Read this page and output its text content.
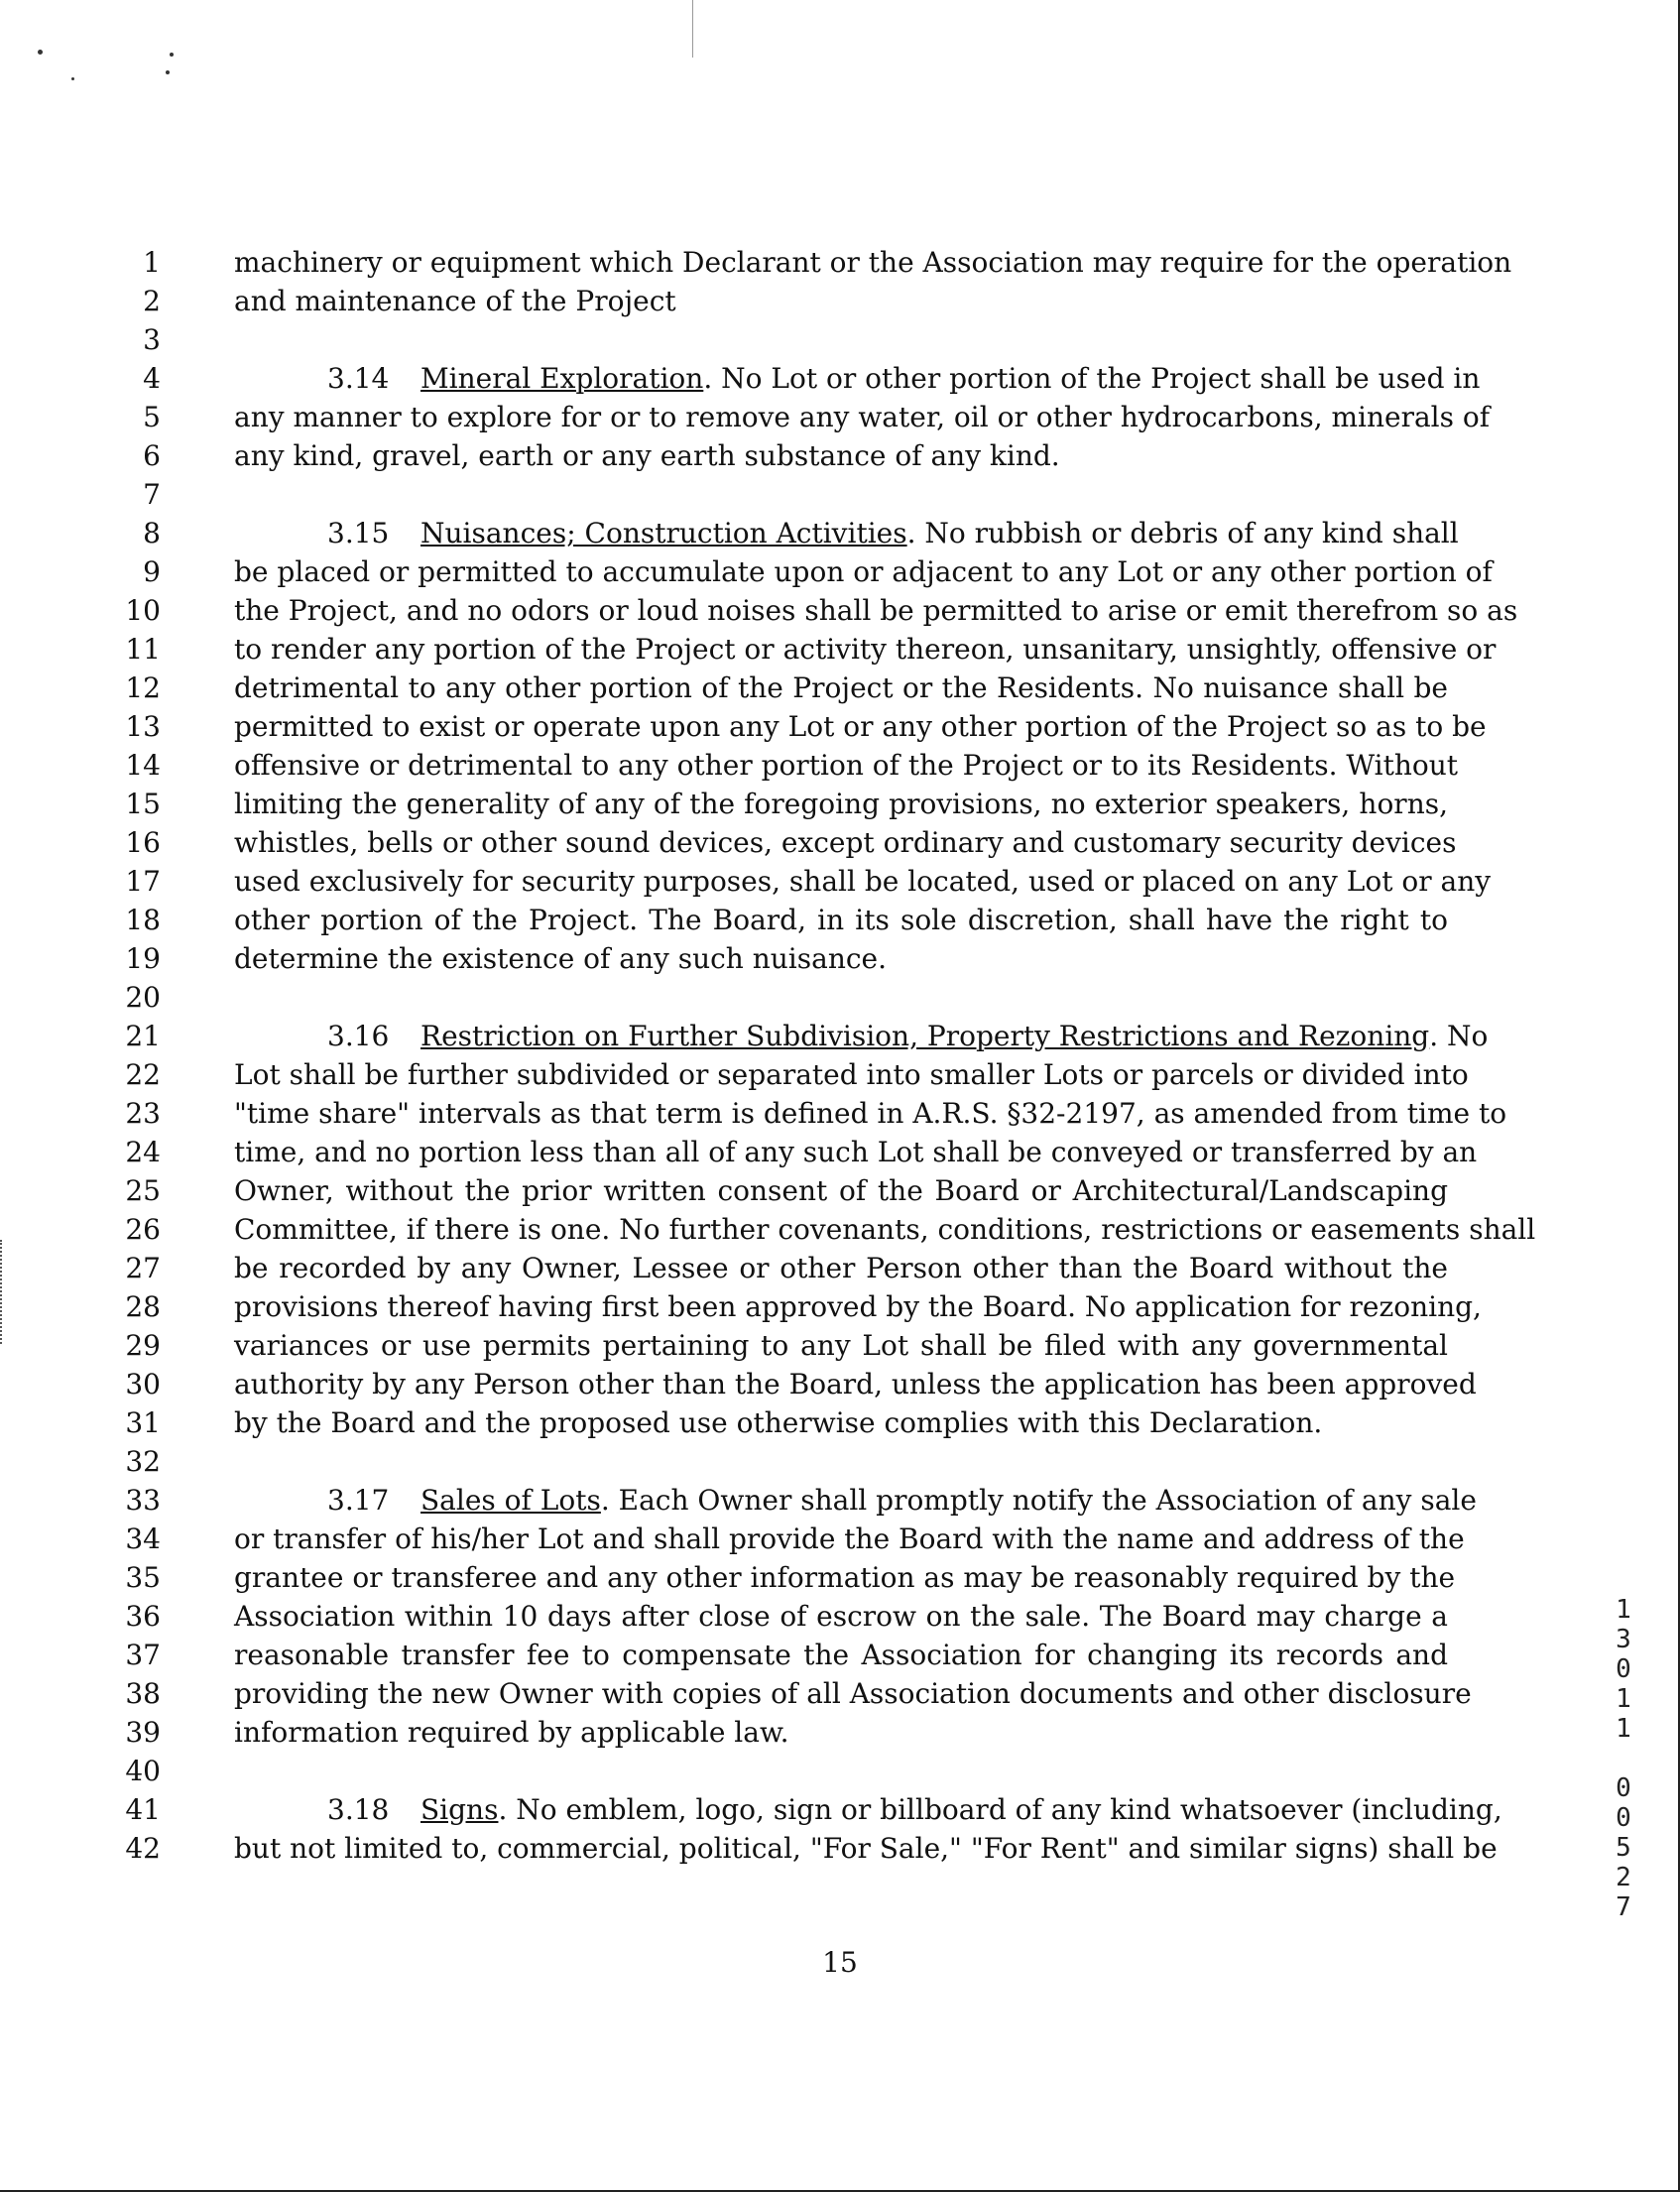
1
2
3
4
5
6
7
8
9
10
11
12
13
14
15
16
17
18
19
20
21
22
23
24
25
26
27
28
29
30
31
32
33
34
35
36
37
38
39
40
41
42
machinery or equipment which Declarant or the Association may require for the operation
and maintenance of the Project
3.14 Mineral Exploration. No Lot or other portion of the Project shall be used in
any manner to explore for or to remove any water, oil or other hydrocarbons, minerals of
any kind, gravel, earth or any earth substance of any kind.
3.15 Nuisances; Construction Activities. No rubbish or debris of any kind shall
be placed or permitted to accumulate upon or adjacent to any Lot or any other portion of
the Project, and no odors or loud noises shall be permitted to arise or emit therefrom so as
to render any portion of the Project or activity thereon, unsanitary, unsightly, offensive or
detrimental to any other portion of the Project or the Residents. No nuisance shall be
permitted to exist or operate upon any Lot or any other portion of the Project so as to be
offensive or detrimental to any other portion of the Project or to its Residents. Without
limiting the generality of any of the foregoing provisions, no exterior speakers, horns,
whistles, bells or other sound devices, except ordinary and customary security devices
used exclusively for security purposes, shall be located, used or placed on any Lot or any
other portion of the Project. The Board, in its sole discretion, shall have the right to
determine the existence of any such nuisance.
3.16 Restriction on Further Subdivision, Property Restrictions and Rezoning. No
Lot shall be further subdivided or separated into smaller Lots or parcels or divided into
"time share" intervals as that term is defined in A.R.S. §32-2197, as amended from time to
time, and no portion less than all of any such Lot shall be conveyed or transferred by an
Owner, without the prior written consent of the Board or Architectural/Landscaping
Committee, if there is one. No further covenants, conditions, restrictions or easements shall
be recorded by any Owner, Lessee or other Person other than the Board without the
provisions thereof having first been approved by the Board. No application for rezoning,
variances or use permits pertaining to any Lot shall be filed with any governmental
authority by any Person other than the Board, unless the application has been approved
by the Board and the proposed use otherwise complies with this Declaration.
3.17 Sales of Lots. Each Owner shall promptly notify the Association of any sale
or transfer of his/her Lot and shall provide the Board with the name and address of the
grantee or transferee and any other information as may be reasonably required by the
Association within 10 days after close of escrow on the sale. The Board may charge a
reasonable transfer fee to compensate the Association for changing its records and
providing the new Owner with copies of all Association documents and other disclosure
information required by applicable law.
3.18 Signs. No emblem, logo, sign or billboard of any kind whatsoever (including,
but not limited to, commercial, political, "For Sale," "For Rent" and similar signs) shall be
15
1
3
0
1
1

0
0
5
2
7
